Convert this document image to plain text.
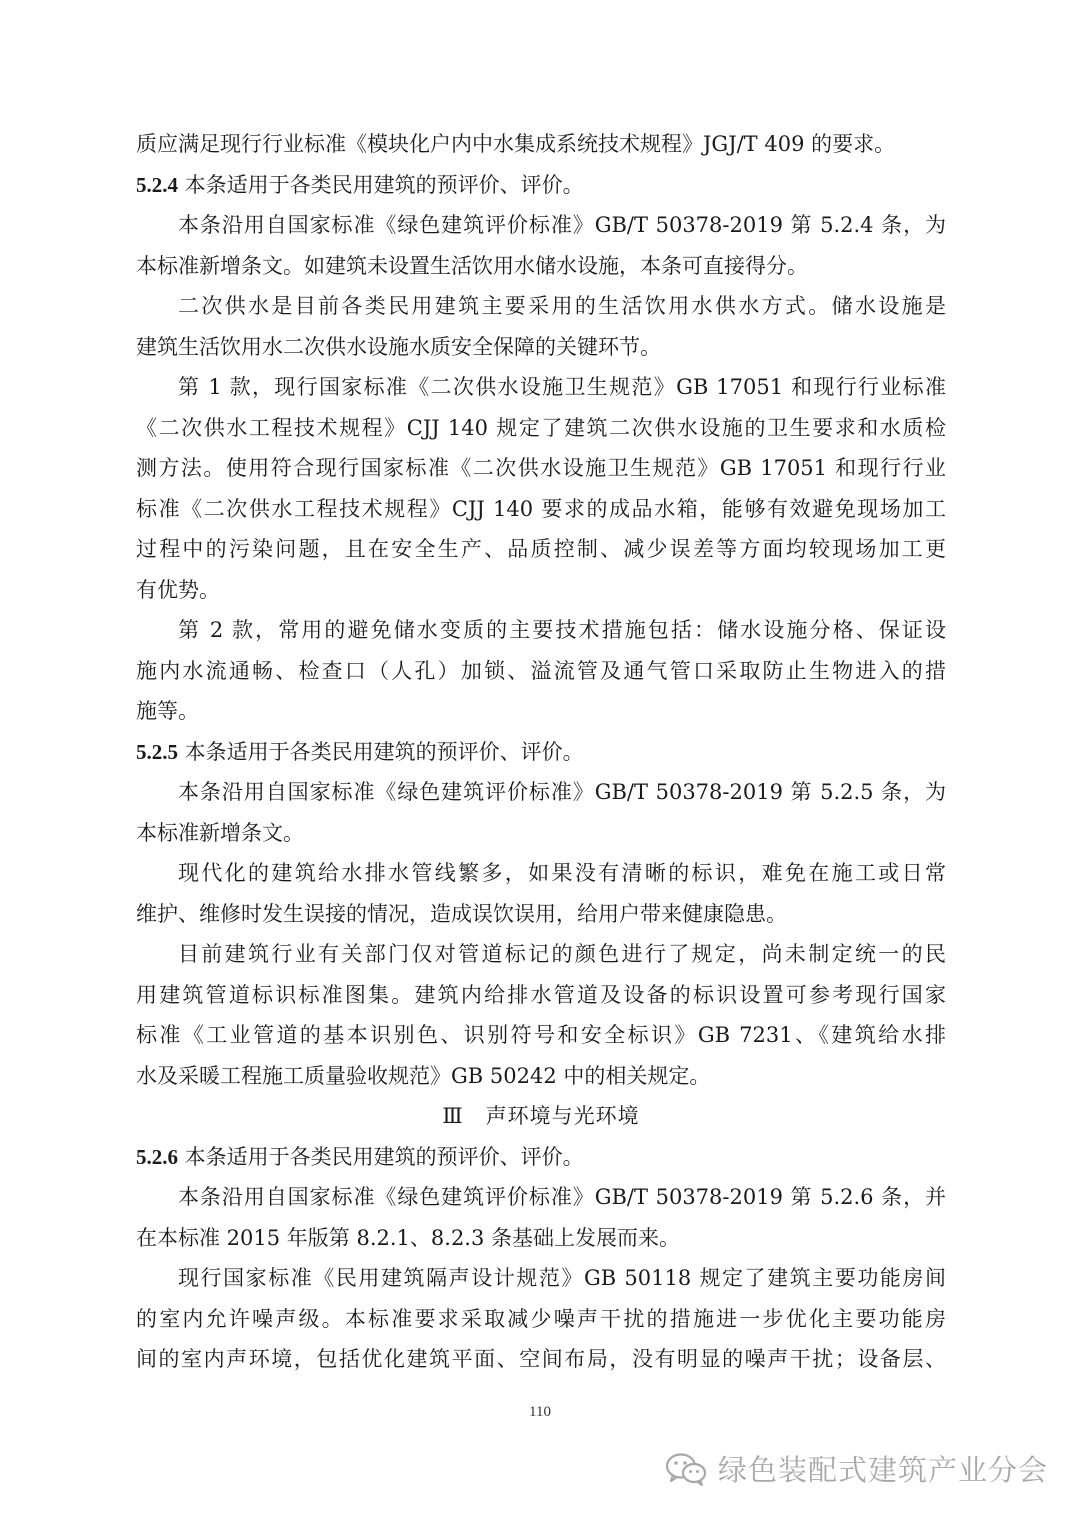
质应满足现行行业标准《模块化户内中水集成系统技术规程》JGJ/T 409 的要求。
5.2.4 本条适用于各类民用建筑的预评价、评价。
本条沿用自国家标准《绿色建筑评价标准》GB/T 50378-2019 第 5.2.4 条，为
本标准新增条文。如建筑未设置生活饮用水储水设施，本条可直接得分。
二次供水是目前各类民用建筑主要采用的生活饮用水供水方式。储水设施是
建筑生活饮用水二次供水设施水质安全保障的关键环节。
第 1 款，现行国家标准《二次供水设施卫生规范》GB 17051 和现行行业标准
《二次供水工程技术规程》CJJ 140 规定了建筑二次供水设施的卫生要求和水质检
测方法。使用符合现行国家标准《二次供水设施卫生规范》GB 17051 和现行行业
标准《二次供水工程技术规程》CJJ 140 要求的成品水箱，能够有效避免现场加工
过程中的污染问题，且在安全生产、品质控制、减少误差等方面均较现场加工更
有优势。
第 2 款，常用的避免储水变质的主要技术措施包括：储水设施分格、保证设
施内水流通畅、检查口（人孔）加锁、溢流管及通气管口采取防止生物进入的措
施等。
5.2.5 本条适用于各类民用建筑的预评价、评价。
本条沿用自国家标准《绿色建筑评价标准》GB/T 50378-2019 第 5.2.5 条，为
本标准新增条文。
现代化的建筑给水排水管线繁多，如果没有清晰的标识，难免在施工或日常
维护、维修时发生误接的情况，造成误饮误用，给用户带来健康隐患。
目前建筑行业有关部门仅对管道标记的颜色进行了规定，尚未制定统一的民
用建筑管道标识标准图集。建筑内给排水管道及设备的标识设置可参考现行国家
标准《工业管道的基本识别色、识别符号和安全标识》GB 7231、《建筑给水排
水及采暖工程施工质量验收规范》GB 50242 中的相关规定。
Ⅲ　声环境与光环境
5.2.6 本条适用于各类民用建筑的预评价、评价。
本条沿用自国家标准《绿色建筑评价标准》GB/T 50378-2019 第 5.2.6 条，并
在本标准 2015 年版第 8.2.1、8.2.3 条基础上发展而来。
现行国家标准《民用建筑隔声设计规范》GB 50118 规定了建筑主要功能房间
的室内允许噪声级。本标准要求采取减少噪声干扰的措施进一步优化主要功能房
间的室内声环境，包括优化建筑平面、空间布局，没有明显的噪声干扰；设备层、
110
绿色装配式建筑产业分会
